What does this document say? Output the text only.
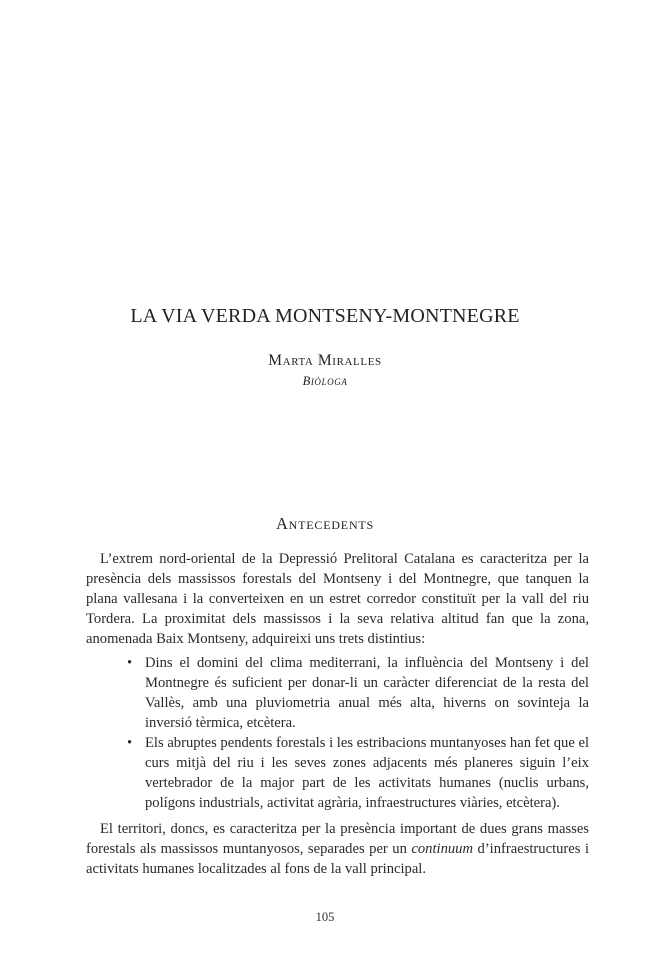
LA VIA VERDA MONTSENY-MONTNEGRE

Marta Miralles

Biòloga

Antecedents

L’extrem nord-oriental de la Depressió Prelitoral Catalana es caracteritza per la presència dels massissos forestals del Montseny i del Montnegre, que tanquen la plana vallesana i la converteixen en un estret corredor constituït per la vall del riu Tordera. La proximitat dels massissos i la seva relativa altitud fan que la zona, anomenada Baix Montseny, adquireixi uns trets distintius:

• Dins el domini del clima mediterrani, la influència del Montseny i del Montnegre és suficient per donar-li un caràcter diferenciat de la resta del Vallès, amb una pluviometria anual més alta, hiverns on sovinteja la inversió tèrmica, etcètera.
• Els abruptes pendents forestals i les estribacions muntanyoses han fet que el curs mitjà del riu i les seves zones adjacents més planeres siguin l’eix vertebrador de la major part de les activitats humanes (nuclis urbans, polígons industrials, activitat agrària, infraestructures viàries, etcètera).

El territori, doncs, es caracteritza per la presència important de dues grans masses forestals als massissos muntanyosos, separades per un continuum d’infraestructures i activitats humanes localitzades al fons de la vall principal.

105
